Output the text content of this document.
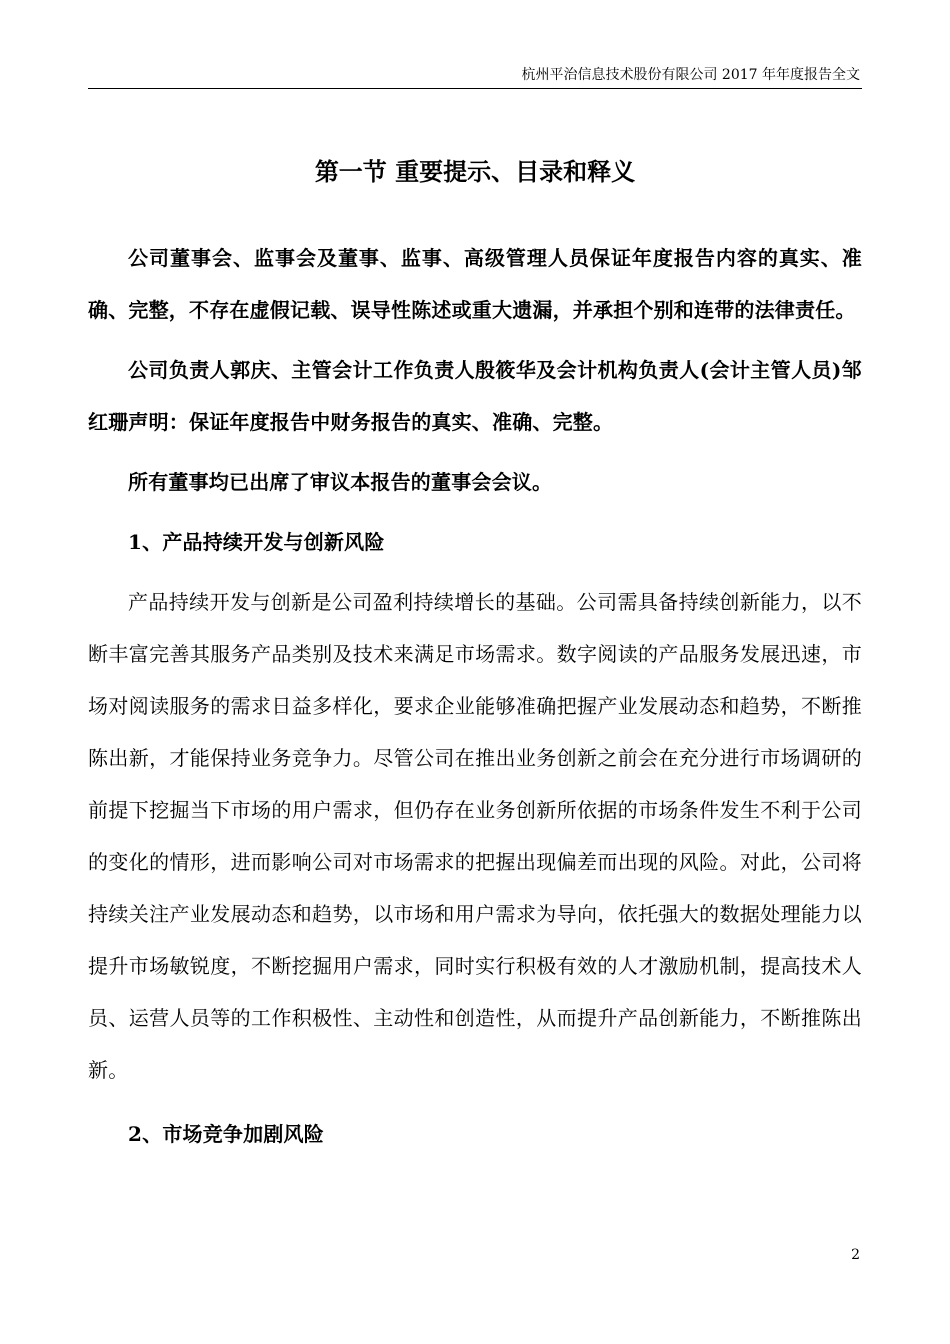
杭州平治信息技术股份有限公司 2017 年年度报告全文
第一节 重要提示、目录和释义

公司董事会、监事会及董事、监事、高级管理人员保证年度报告内容的真实、准确、完整，不存在虚假记载、误导性陈述或重大遗漏，并承担个别和连带的法律责任。

公司负责人郭庆、主管会计工作负责人殷筱华及会计机构负责人(会计主管人员)邹红珊声明：保证年度报告中财务报告的真实、准确、完整。

所有董事均已出席了审议本报告的董事会会议。

1、产品持续开发与创新风险

产品持续开发与创新是公司盈利持续增长的基础。公司需具备持续创新能力，以不断丰富完善其服务产品类别及技术来满足市场需求。数字阅读的产品服务发展迅速，市场对阅读服务的需求日益多样化，要求企业能够准确把握产业发展动态和趋势，不断推陈出新，才能保持业务竞争力。尽管公司在推出业务创新之前会在充分进行市场调研的前提下挖掘当下市场的用户需求，但仍存在业务创新所依据的市场条件发生不利于公司的变化的情形，进而影响公司对市场需求的把握出现偏差而出现的风险。对此，公司将持续关注产业发展动态和趋势，以市场和用户需求为导向，依托强大的数据处理能力以提升市场敏锐度，不断挖掘用户需求，同时实行积极有效的人才激励机制，提高技术人员、运营人员等的工作积极性、主动性和创造性，从而提升产品创新能力，不断推陈出新。

2、市场竞争加剧风险

2
